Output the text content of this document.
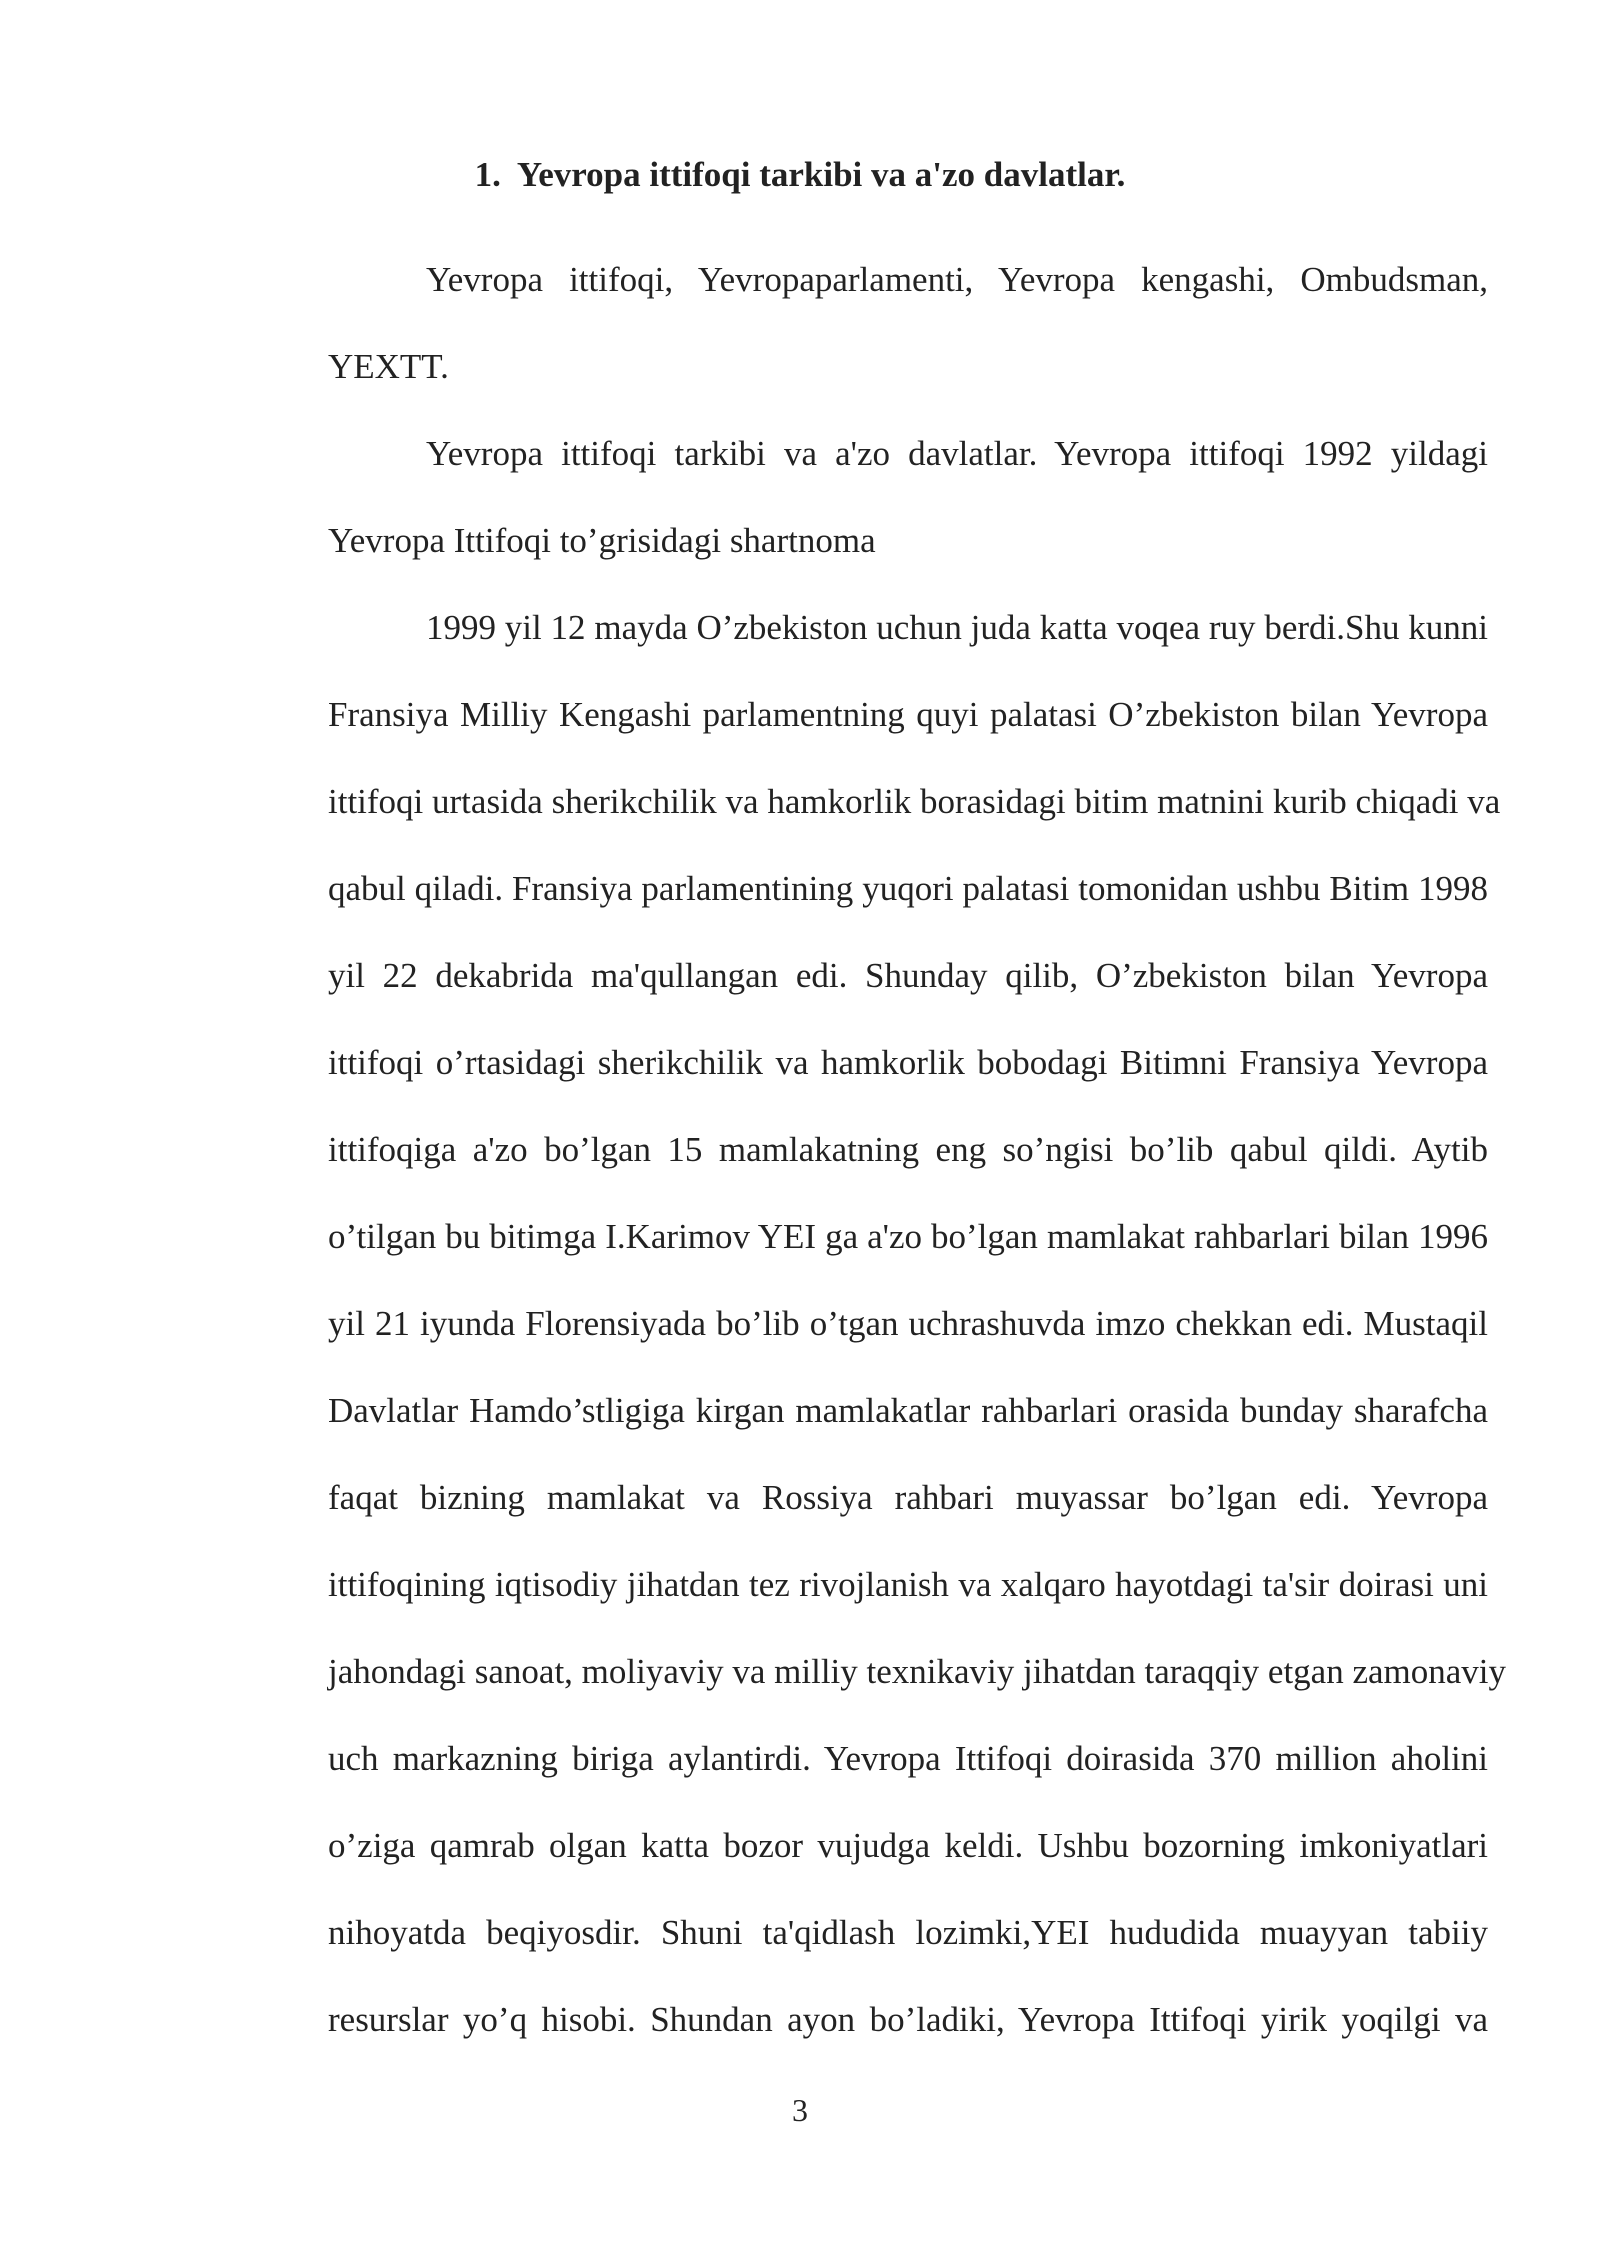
1. Yevropa ittifoqi tarkibi va a'zo davlatlar.
Yevropa ittifoqi, Yevropaparlamenti, Yevropa kengashi, Ombudsman,
YEXTT.
Yevropa ittifoqi tarkibi va a'zo davlatlar. Yevropa ittifoqi 1992 yildagi
Yevropa Ittifoqi to’grisidagi shartnoma
1999 yil 12 mayda O’zbekiston uchun juda katta voqea ruy berdi.Shu kunni
Fransiya Milliy Kengashi parlamentning quyi palatasi O’zbekiston bilan Yevropa
ittifoqi urtasida sherikchilik va hamkorlik borasidagi bitim matnini kurib chiqadi va
qabul qiladi. Fransiya parlamentining yuqori palatasi tomonidan ushbu Bitim 1998
yil 22 dekabrida ma'qullangan edi. Shunday qilib, O’zbekiston bilan Yevropa
ittifoqi o’rtasidagi sherikchilik va hamkorlik bobodagi Bitimni Fransiya Yevropa
ittifoqiga a'zo bo’lgan 15 mamlakatning eng so’ngisi bo’lib qabul qildi. Aytib
o’tilgan bu bitimga I.Karimov YEI ga a'zo bo’lgan mamlakat rahbarlari bilan 1996
yil 21 iyunda Florensiyada bo’lib o’tgan uchrashuvda imzo chekkan edi. Mustaqil
Davlatlar Hamdo’stligiga kirgan mamlakatlar rahbarlari orasida bunday sharafcha
faqat bizning mamlakat va Rossiya rahbari muyassar bo’lgan edi. Yevropa
ittifoqining iqtisodiy jihatdan tez rivojlanish va xalqaro hayotdagi ta'sir doirasi uni
jahondagi sanoat, moliyaviy va milliy texnikaviy jihatdan taraqqiy etgan zamonaviy
uch markazning biriga aylantirdi. Yevropa Ittifoqi doirasida 370 million aholini
o’ziga qamrab olgan katta bozor vujudga keldi. Ushbu bozorning imkoniyatlari
nihoyatda beqiyosdir. Shuni ta'qidlash lozimki,YEI hududida muayyan tabiiy
resurslar yo’q hisobi. Shundan ayon bo’ladiki, Yevropa Ittifoqi yirik yoqilgi va
3
